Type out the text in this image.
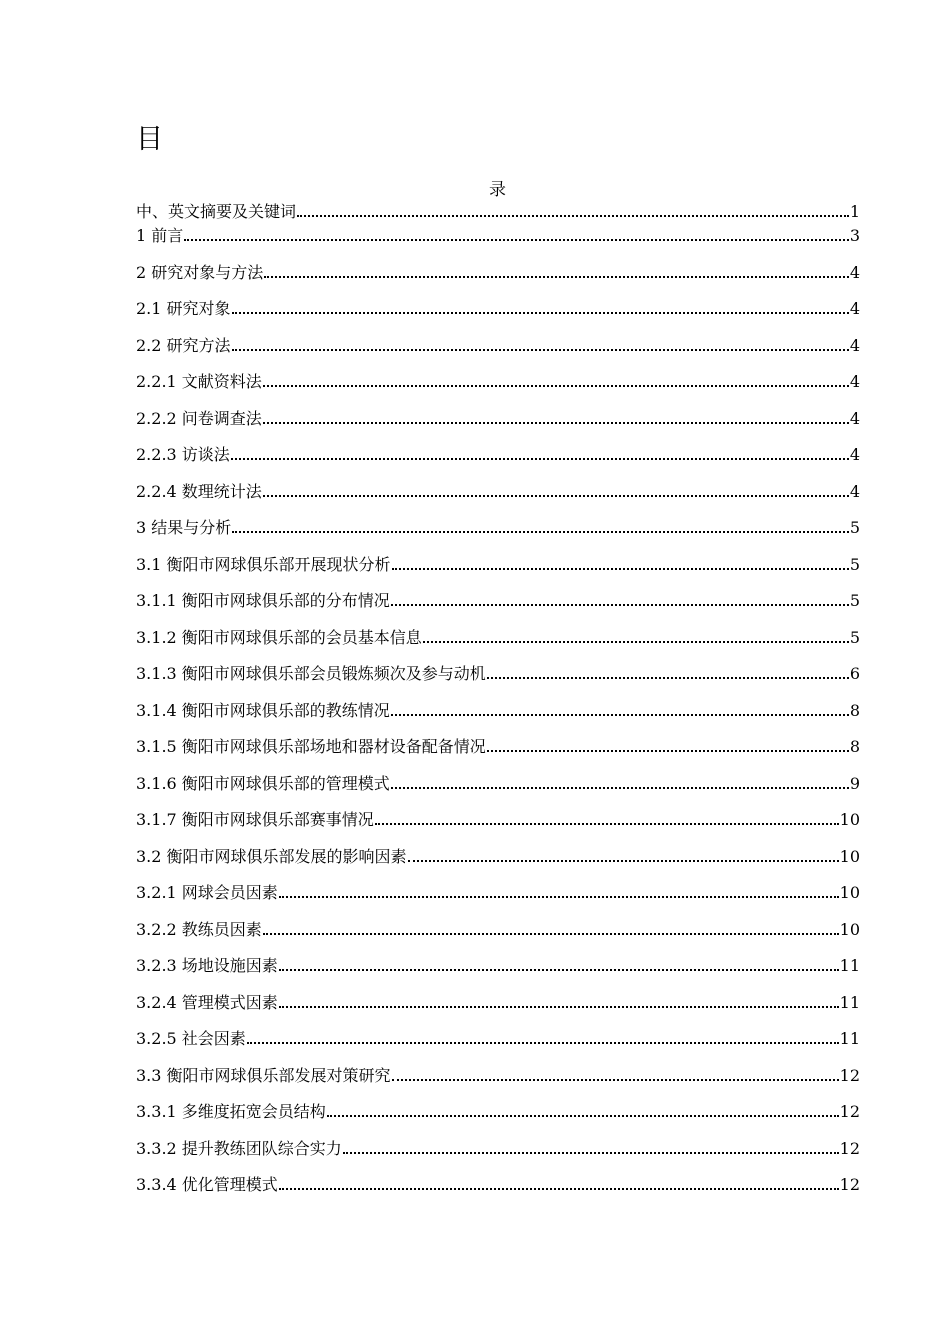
目
录
中、英文摘要及关键词	1
1 前言	3
2 研究对象与方法	4
2.1 研究对象	4
2.2 研究方法	4
2.2.1 文献资料法	4
2.2.2 问卷调查法	4
2.2.3 访谈法	4
2.2.4 数理统计法	4
3 结果与分析	5
3.1 衡阳市网球俱乐部开展现状分析	5
3.1.1 衡阳市网球俱乐部的分布情况	5
3.1.2 衡阳市网球俱乐部的会员基本信息	5
3.1.3 衡阳市网球俱乐部会员锻炼频次及参与动机	6
3.1.4 衡阳市网球俱乐部的教练情况	8
3.1.5 衡阳市网球俱乐部场地和器材设备配备情况	8
3.1.6 衡阳市网球俱乐部的管理模式	9
3.1.7 衡阳市网球俱乐部赛事情况	10
3.2 衡阳市网球俱乐部发展的影响因素	10
3.2.1 网球会员因素	10
3.2.2 教练员因素	10
3.2.3 场地设施因素	11
3.2.4 管理模式因素	11
3.2.5 社会因素	11
3.3 衡阳市网球俱乐部发展对策研究	12
3.3.1 多维度拓宽会员结构	12
3.3.2 提升教练团队综合实力	12
3.3.4 优化管理模式	12
